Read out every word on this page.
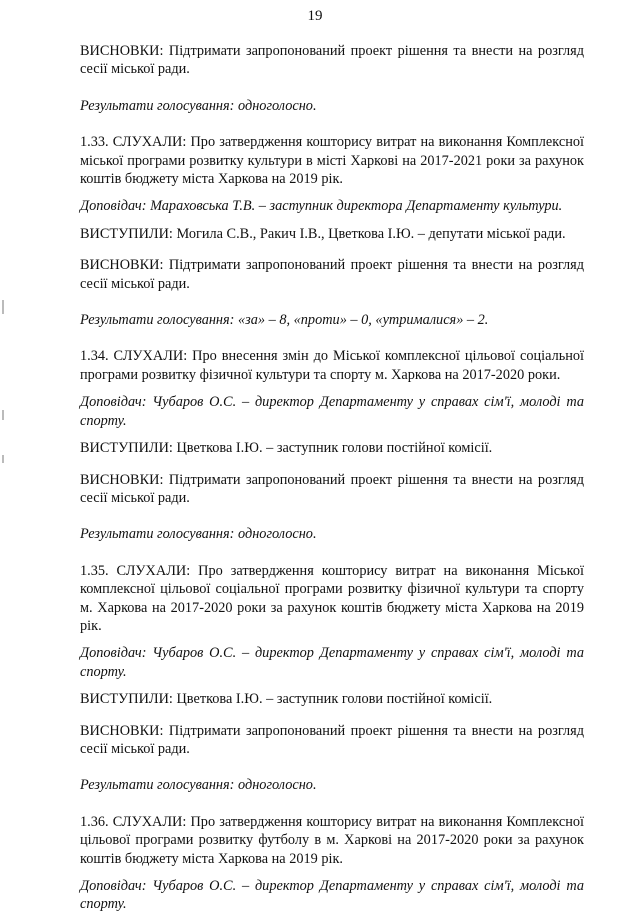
19

ВИСНОВКИ: Підтримати запропонований проект рішення та внести на розгляд сесії міської ради.

Результати голосування: одноголосно.

1.33. СЛУХАЛИ: Про затвердження кошторису витрат на виконання Комплексної міської програми розвитку культури в місті Харкові на 2017-2021 роки за рахунок коштів бюджету міста Харкова на 2019 рік.

Доповідач: Мараховська Т.В. – заступник директора Департаменту культури.

ВИСТУПИЛИ: Могила С.В., Ракич І.В., Цветкова І.Ю. – депутати міської ради.

ВИСНОВКИ: Підтримати запропонований проект рішення та внести на розгляд сесії міської ради.

Результати голосування: «за» – 8, «проти» – 0, «утрималися» – 2.

1.34. СЛУХАЛИ: Про внесення змін до Міської комплексної цільової соціальної програми розвитку фізичної культури та спорту м. Харкова на 2017-2020 роки.

Доповідач: Чубаров О.С. – директор Департаменту у справах сім'ї, молоді та спорту.

ВИСТУПИЛИ: Цветкова І.Ю. – заступник голови постійної комісії.

ВИСНОВКИ: Підтримати запропонований проект рішення та внести на розгляд сесії міської ради.

Результати голосування: одноголосно.

1.35. СЛУХАЛИ: Про затвердження кошторису витрат на виконання Міської комплексної цільової соціальної програми розвитку фізичної культури та спорту м. Харкова на 2017-2020 роки за рахунок коштів бюджету міста Харкова на 2019 рік.

Доповідач: Чубаров О.С. – директор Департаменту у справах сім'ї, молоді та спорту.

ВИСТУПИЛИ: Цветкова І.Ю. – заступник голови постійної комісії.

ВИСНОВКИ: Підтримати запропонований проект рішення та внести на розгляд сесії міської ради.

Результати голосування: одноголосно.

1.36. СЛУХАЛИ: Про затвердження кошторису витрат на виконання Комплексної цільової програми розвитку футболу в м. Харкові на 2017-2020 роки за рахунок коштів бюджету міста Харкова на 2019 рік.

Доповідач: Чубаров О.С. – директор Департаменту у справах сім'ї, молоді та спорту.
